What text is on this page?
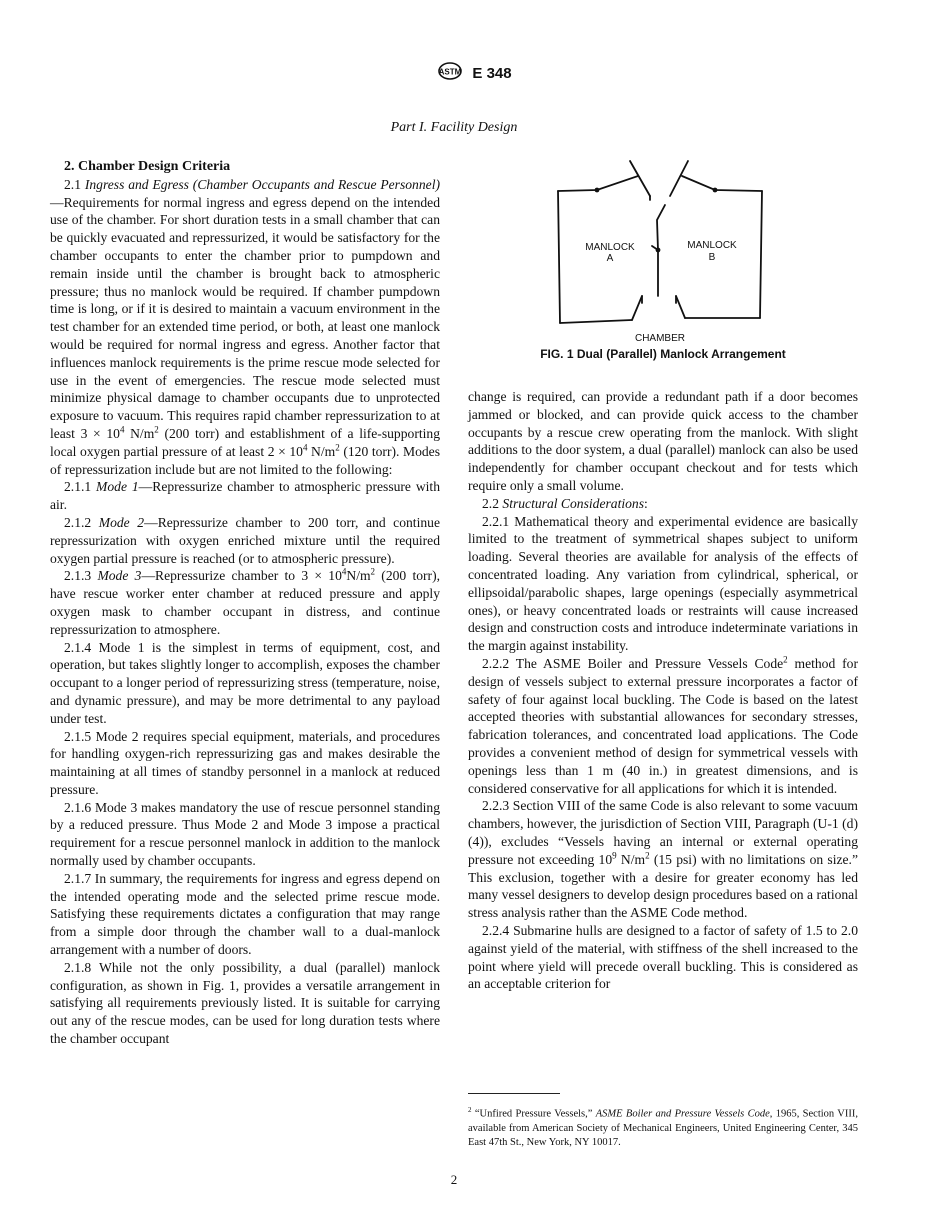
ASTM E 348
Part I. Facility Design

2. Chamber Design Criteria

2.1 Ingress and Egress (Chamber Occupants and Rescue Personnel)—Requirements for normal ingress and egress depend on the intended use of the chamber. For short duration tests in a small chamber that can be quickly evacuated and repressurized, it would be satisfactory for the chamber occupants to enter the chamber prior to pumpdown and remain inside until the chamber is brought back to atmospheric pressure; thus no manlock would be required. If chamber pumpdown time is long, or if it is desired to maintain a vacuum environment in the test chamber for an extended time period, or both, at least one manlock would be required for normal ingress and egress. Another factor that influences manlock requirements is the prime rescue mode selected for use in the event of emergencies. The rescue mode selected must minimize physical damage to chamber occupants due to unprotected exposure to vacuum. This requires rapid chamber repressurization to at least $3 \times 10^4$ $N/m^2$ (200 torr) and establishment of a life-supporting local oxygen partial pressure of at least $2 \times 10^4$ $N/m^2$ (120 torr). Modes of repressurization include but are not limited to the following:

2.1.1 Mode 1—Repressurize chamber to atmospheric pressure with air.

2.1.2 Mode 2—Repressurize chamber to 200 torr, and continue repressurization with oxygen enriched mixture until the required oxygen partial pressure is reached (or to atmospheric pressure).

2.1.3 Mode 3—Repressurize chamber to $3 \times 10^4N/m^2$ (200 torr), have rescue worker enter chamber at reduced pressure and apply oxygen mask to chamber occupant in distress, and continue repressurization to atmosphere.

2.1.4 Mode 1 is the simplest in terms of equipment, cost, and operation, but takes slightly longer to accomplish, exposes the chamber occupant to a longer period of repressurizing stress (temperature, noise, and dynamic pressure), and may be more detrimental to any payload under test.

2.1.5 Mode 2 requires special equipment, materials, and procedures for handling oxygen-rich repressurizing gas and makes desirable the maintaining at all times of standby personnel in a manlock at reduced pressure.

2.1.6 Mode 3 makes mandatory the use of rescue personnel standing by a reduced pressure. Thus Mode 2 and Mode 3 impose a practical requirement for a rescue personnel manlock in addition to the manlock normally used by chamber occupants.

2.1.7 In summary, the requirements for ingress and egress depend on the intended operating mode and the selected prime rescue mode. Satisfying these requirements dictates a configuration that may range from a simple door through the chamber wall to a dual-manlock arrangement with a number of doors.

2.1.8 While not the only possibility, a dual (parallel) manlock configuration, as shown in Fig. 1, provides a versatile arrangement in satisfying all requirements previously listed. It is suitable for carrying out any of the rescue modes, can be used for long duration tests where the chamber occupant

MANLOCK
A
MANLOCK
B
CHAMBER
FIG. 1 Dual (Parallel) Manlock Arrangement

change is required, can provide a redundant path if a door becomes jammed or blocked, and can provide quick access to the chamber occupants by a rescue crew operating from the manlock. With slight additions to the door system, a dual (parallel) manlock can also be used independently for chamber occupant checkout and for tests which require only a small volume.

2.2 Structural Considerations:

2.2.1 Mathematical theory and experimental evidence are basically limited to the treatment of symmetrical shapes subject to uniform loading. Several theories are available for analysis of the effects of concentrated loading. Any variation from cylindrical, spherical, or ellipsoidal/parabolic shapes, large openings (especially asymmetrical ones), or heavy concentrated loads or restraints will cause increased design and construction costs and introduce indeterminate variations in the margin against instability.

2.2.2 The ASME Boiler and Pressure Vessels Code$^2$ method for design of vessels subject to external pressure incorporates a factor of safety of four against local buckling. The Code is based on the latest accepted theories with substantial allowances for secondary stresses, fabrication tolerances, and concentrated load applications. The Code provides a convenient method of design for symmetrical vessels with openings less than 1 m (40 in.) in greatest dimensions, and is considered conservative for all applications for which it is intended.

2.2.3 Section VIII of the same Code is also relevant to some vacuum chambers, however, the jurisdiction of Section VIII, Paragraph (U-1 (d) (4)), excludes “Vessels having an internal or external operating pressure not exceeding $10^9$ $N/m^2$ (15 psi) with no limitations on size.” This exclusion, together with a desire for greater economy has led many vessel designers to develop design procedures based on a rational stress analysis rather than the ASME Code method.

2.2.4 Submarine hulls are designed to a factor of safety of 1.5 to 2.0 against yield of the material, with stiffness of the shell increased to the point where yield will precede overall buckling. This is considered as an acceptable criterion for

$^2$ “Unfired Pressure Vessels,” ASME Boiler and Pressure Vessels Code, 1965, Section VIII, available from American Society of Mechanical Engineers, United Engineering Center, 345 East 47th St., New York, NY 10017.
2
